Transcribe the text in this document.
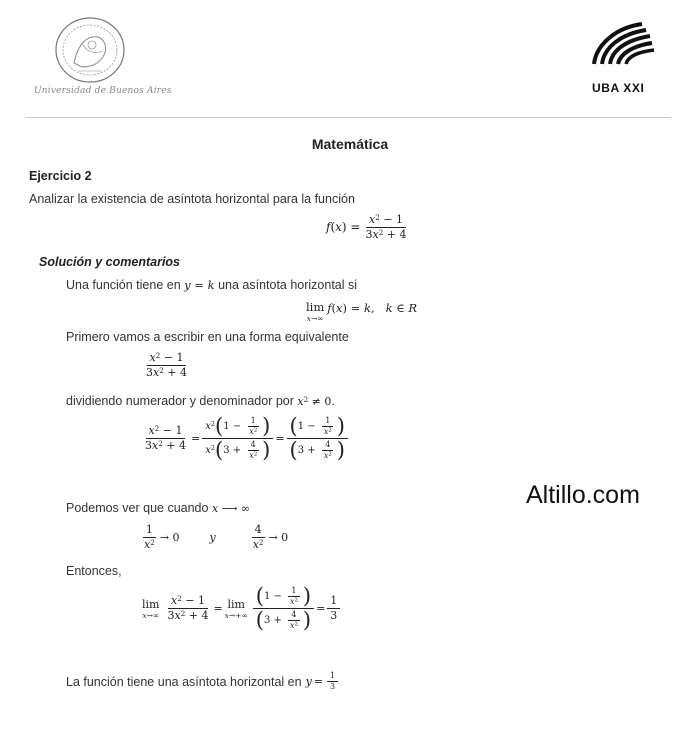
Universidad de Buenos Aires	UBA XXI
Matemática
Ejercicio 2
Analizar la existencia de asíntota horizontal para la función
$f(x) = \frac{x^2 - 1}{3x^2 + 4}$
Solución y comentarios
Una función tiene en y = k una asíntota horizontal si
lim
x→∞
f(x) = k,   k ∈ R
Primero vamos a escribir en una forma equivalente
$\frac{x^2 - 1}{3x^2 + 4}$
dividiendo numerador y denominador por $x^2 \ne 0$.
$\frac{x^2 - 1}{3x^2 + 4} = \frac{x^2(1 - \frac{1}{x^2} )}{x^2(3 + \frac{4}{x^2} )} = \frac{(1 - \frac{1}{x^2} )}{(3 + \frac{4}{x^2} )}$
Podemos ver que cuando x ⟶ ∞	Altillo.com
$\frac{1}{x^2} \to 0$	y	$\frac{4}{x^2} \to 0$
Entonces,
lim
$x\to\infty \frac{x^2 - 1}{3x^2 + 4} = \lim$
$x\to+\infty \frac{(1 - \frac{1}{x^2} )}{(3 + \frac{4}{x^2} )} = \frac{1}{3}$
La función tiene una asíntota horizontal en $y = \frac{1}{3}$
